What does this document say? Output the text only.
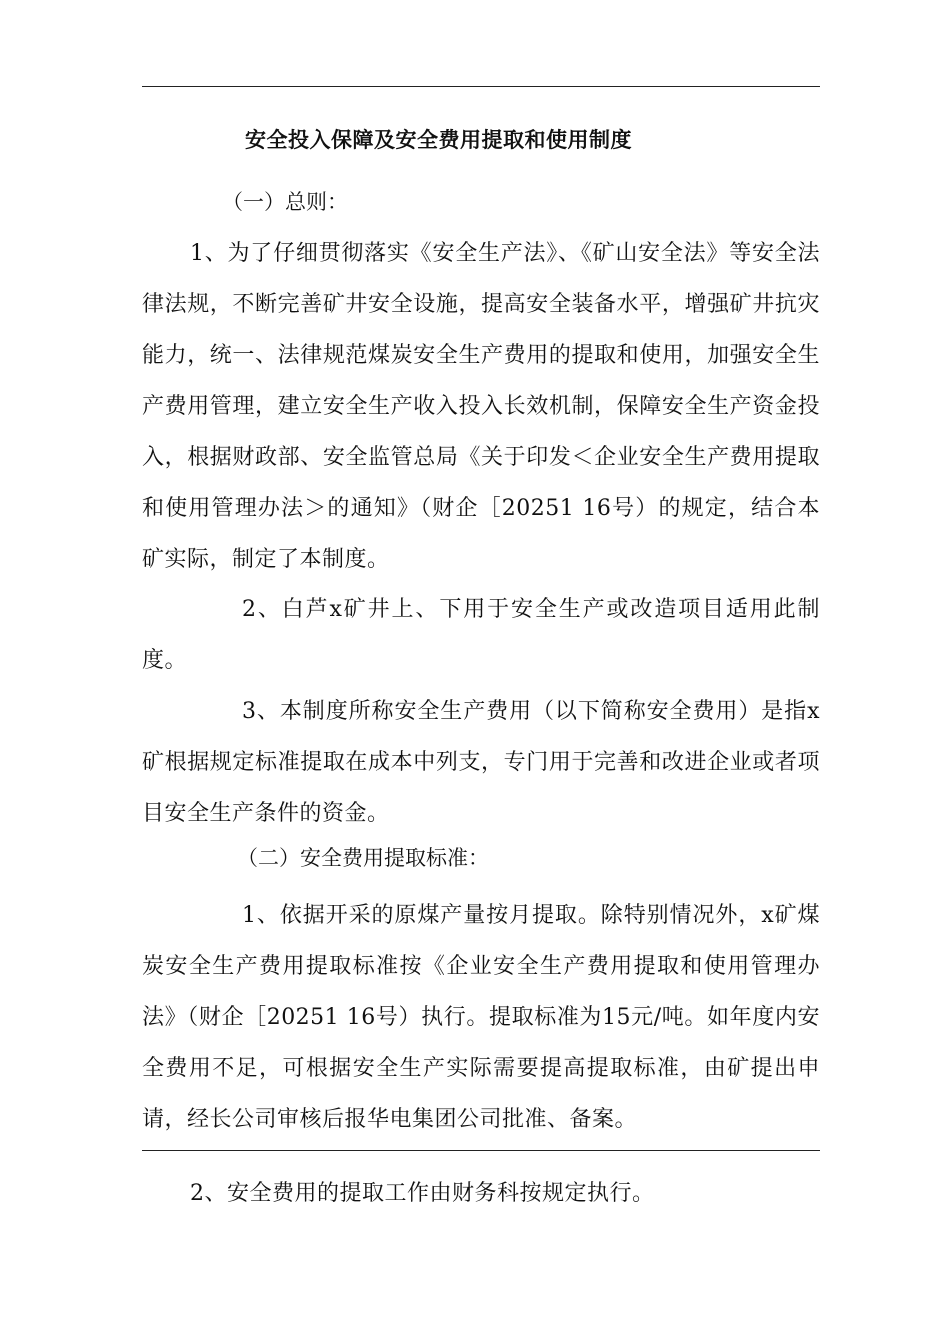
安全投入保障及安全费用提取和使用制度

（一）总则：

1、为了仔细贯彻落实《安全生产法》、《矿山安全法》等安全法律法规，不断完善矿井安全设施，提高安全装备水平，增强矿井抗灾能力，统一、法律规范煤炭安全生产费用的提取和使用，加强安全生产费用管理，建立安全生产收入投入长效机制，保障安全生产资金投入，根据财政部、安全监管总局《关于印发＜企业安全生产费用提取和使用管理办法＞的通知》（财企［20251 16号）的规定，结合本矿实际，制定了本制度。

2、白芦x矿井上、下用于安全生产或改造项目适用此制度。

3、本制度所称安全生产费用（以下简称安全费用）是指x矿根据规定标准提取在成本中列支，专门用于完善和改进企业或者项目安全生产条件的资金。

（二）安全费用提取标准：

1、依据开采的原煤产量按月提取。除特别情况外，x矿煤炭安全生产费用提取标准按《企业安全生产费用提取和使用管理办法》（财企［20251 16号）执行。提取标准为15元/吨。如年度内安全费用不足，可根据安全生产实际需要提高提取标准，由矿提出申请，经长公司审核后报华电集团公司批准、备案。

2、安全费用的提取工作由财务科按规定执行。
